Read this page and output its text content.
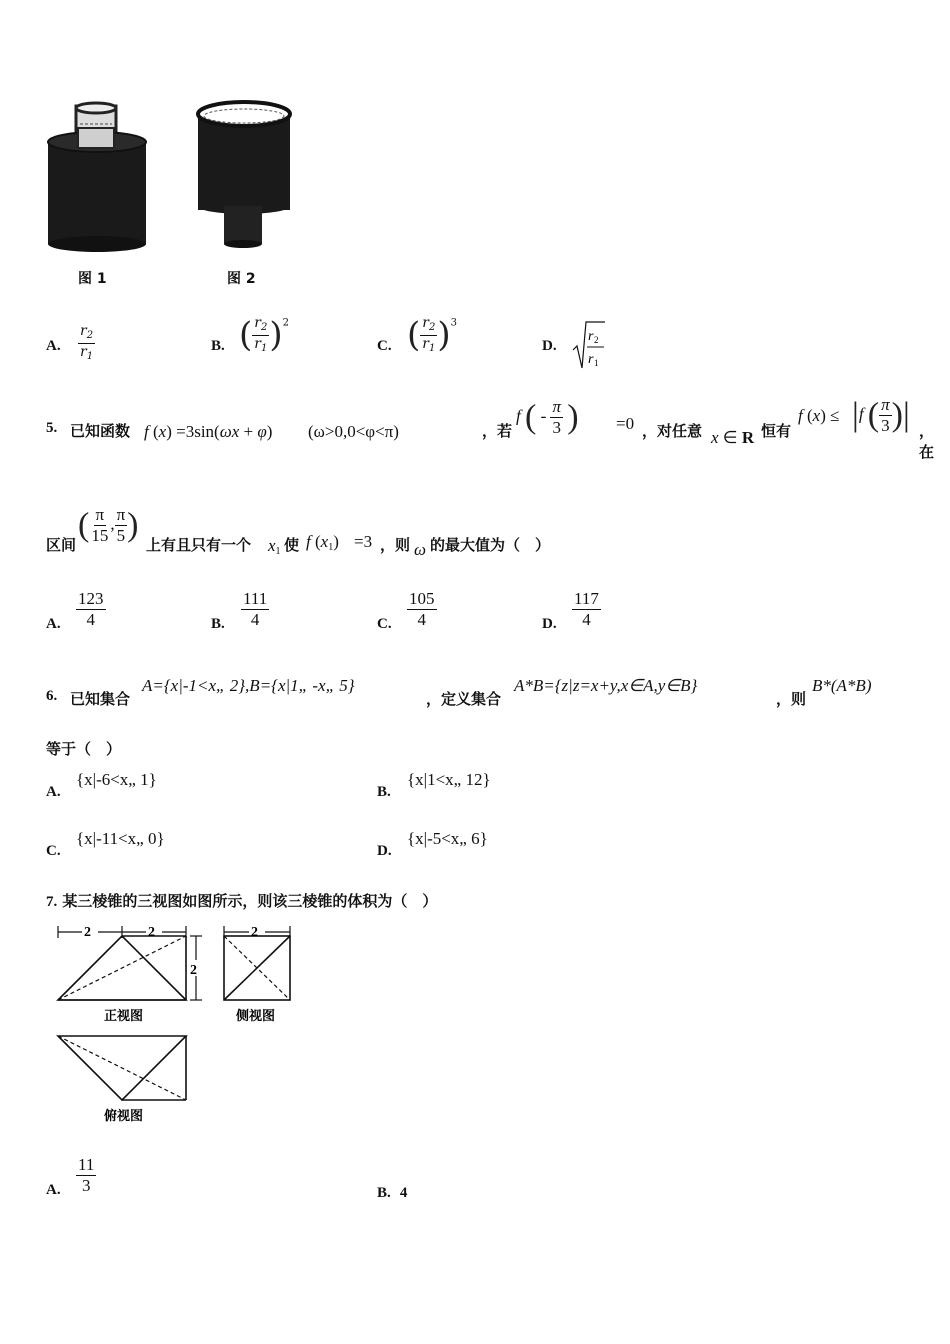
图 1	图 2
A. $\frac{r_2}{r_1}$	B. ( $\frac{r_2}{r_1} )^2$
C. ( $\frac{r_2}{r_1} )^3$
D.
r 2
r 1
5. 已知函数 f (x) =3sin(ωx + φ) (ω>0,0<φ<π)	，若
f ( - $\frac{\pi}{3}$ ) =0 ，对任意 x ∈ R 恒有
f (x) ≤ |f ( $\frac{\pi}{3}$ )| ，在
区间
( $\frac{\pi}{15}$ , $\frac{\pi}{5}$ )
上有且只有一个 $x_1$ 使 f $(x_1) =3$ ，则 ω 的最大值为（　）
A. $\frac{123}{4}$	B. $\frac{111}{4}$	C. $\frac{105}{4}$	D. $\frac{117}{4}$
6. 已知集合
A={x|-1<x„ 2},B={x|1„ -x„ 5}
，定义集合
A*B={z|z=x+y,x∈A,y∈B}
，则
B*(A*B)
等于（　）
A.
{x|-6<x„ 1}
B.
{x|1<x„ 12}
C.
{x|-11<x„ 0}
D.
{x|-5<x„ 6}
7. 某三棱锥的三视图如图所示，则该三棱锥的体积为（　）
2	2
2
正视图
2
侧视图
俯视图
A. $\frac{11}{3}$	B. 4
